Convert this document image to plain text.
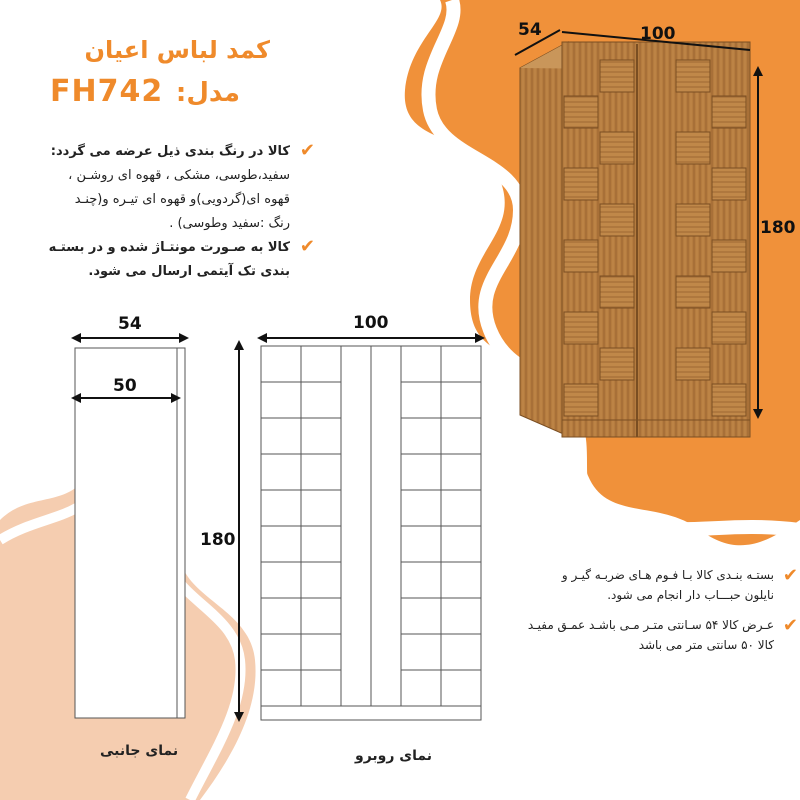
کمد لباس اعیان
مدل:
FH742
✔
کالا در رنگ بندی ذیل عرضه می گردد:
سفید،طوسی، مشکی ، قهوه ای روشـن ،
قهوه ای(گردویی)و قهوه ای تیـره و(چنـد
رنگ :سفید وطوسی) .
✔
کالا به صـورت مونتـاژ شده و در بستـه
بندی تک آیتمی ارسال می شود.
54	100
180
54
50
نمای جانبی
100
180
نمای روبرو
✔
بستـه بنـدی کالا بـا فـوم هـای ضربـه گیـر و
نایلون حبـــاب دار انجام می شود.
✔
عـرض کالا ۵۴ سـانتی متـر مـی باشـد عمـق مفیـد
کالا ۵۰ سانتی متر می باشد
